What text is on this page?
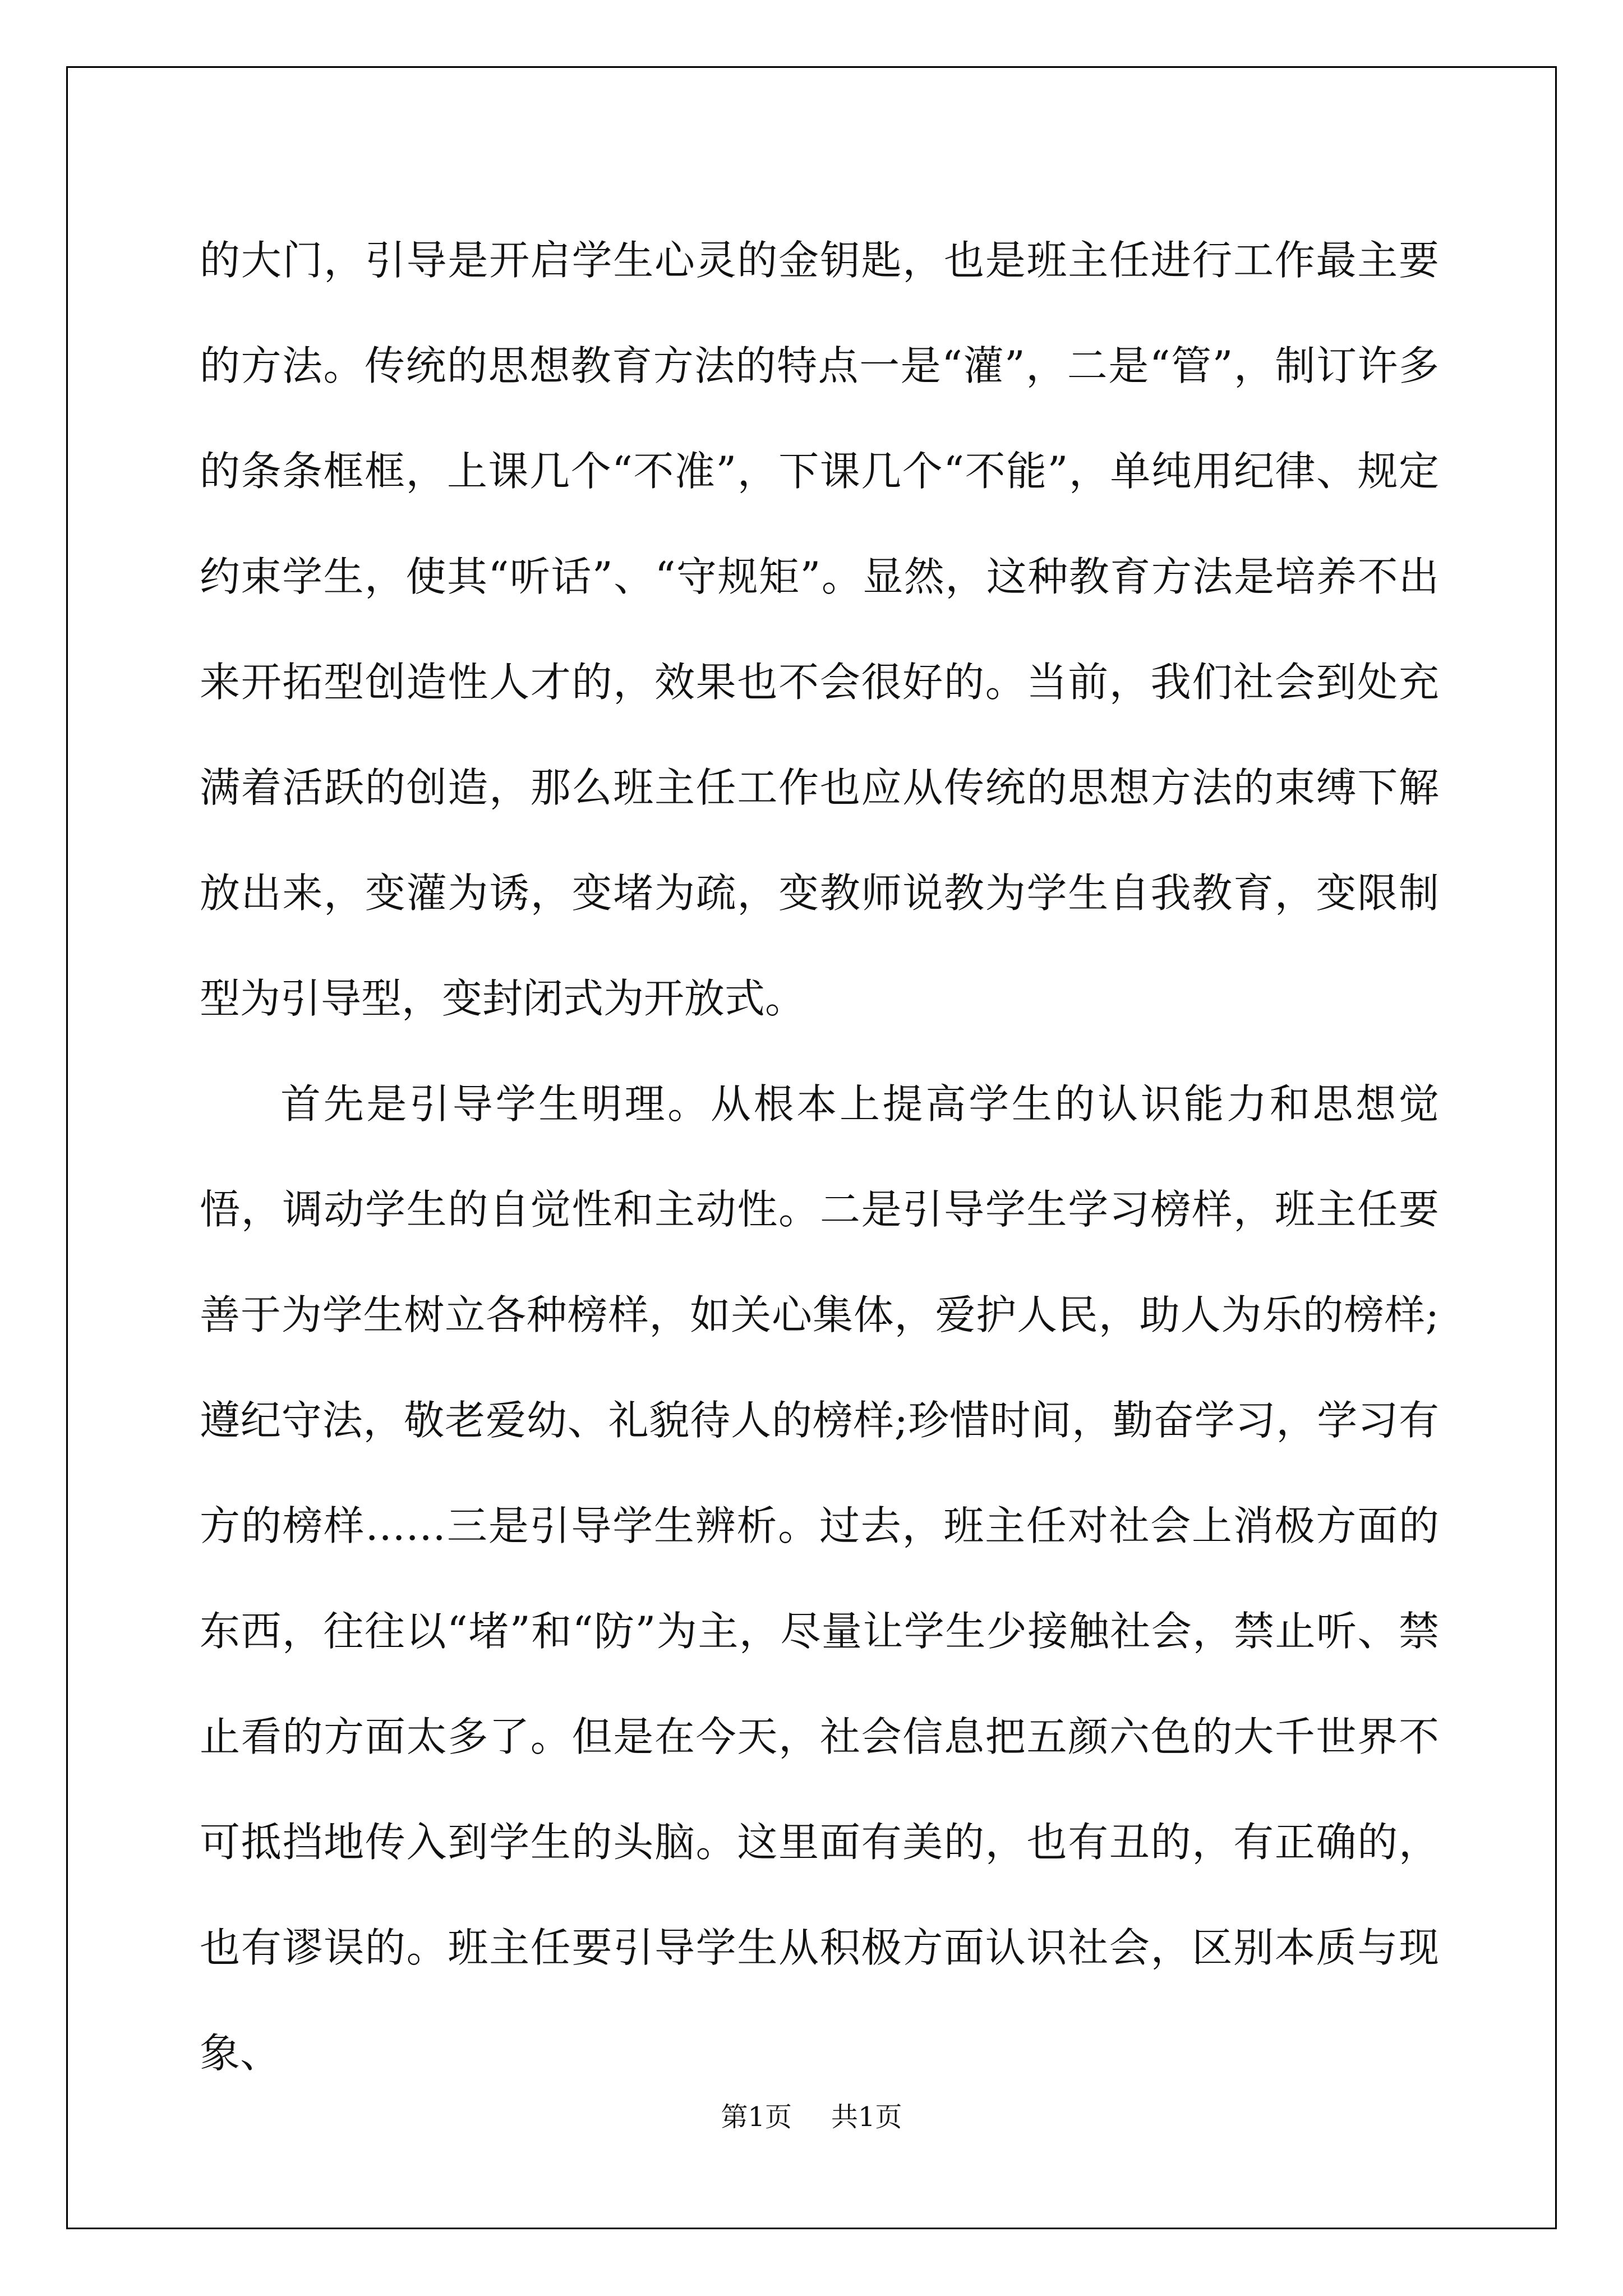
的大门，引导是开启学生心灵的金钥匙，也是班主任进行工作最主要的方法。传统的思想教育方法的特点一是“灌”，二是“管”，制订许多的条条框框，上课几个“不准”，下课几个“不能”，单纯用纪律、规定约束学生，使其“听话”、“守规矩”。显然，这种教育方法是培养不出来开拓型创造性人才的，效果也不会很好的。当前，我们社会到处充满着活跃的创造，那么班主任工作也应从传统的思想方法的束缚下解放出来，变灌为诱，变堵为疏，变教师说教为学生自我教育，变限制型为引导型，变封闭式为开放式。

首先是引导学生明理。从根本上提高学生的认识能力和思想觉悟，调动学生的自觉性和主动性。二是引导学生学习榜样，班主任要善于为学生树立各种榜样，如关心集体，爱护人民，助人为乐的榜样;遵纪守法，敬老爱幼、礼貌待人的榜样;珍惜时间，勤奋学习，学习有方的榜样……三是引导学生辨析。过去，班主任对社会上消极方面的东西，往往以“堵”和“防”为主，尽量让学生少接触社会，禁止听、禁止看的方面太多了。但是在今天，社会信息把五颜六色的大千世界不可抵挡地传入到学生的头脑。这里面有美的，也有丑的，有正确的，也有谬误的。班主任要引导学生从积极方面认识社会，区别本质与现象、

第1页 共1页
